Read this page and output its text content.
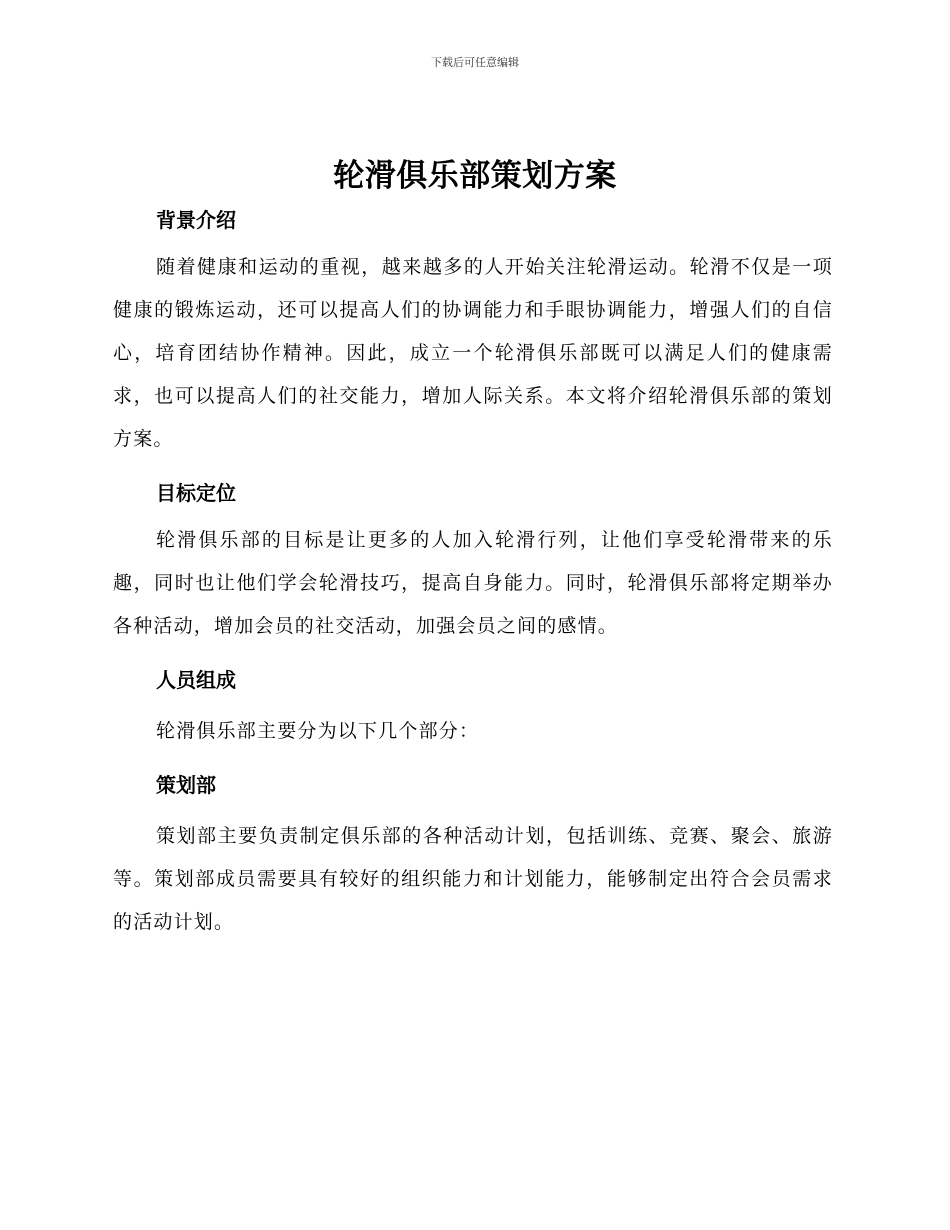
下载后可任意编辑
轮滑俱乐部策划方案
背景介绍

随着健康和运动的重视，越来越多的人开始关注轮滑运动。轮滑不仅是一项健康的锻炼运动，还可以提高人们的协调能力和手眼协调能力，增强人们的自信心，培育团结协作精神。因此，成立一个轮滑俱乐部既可以满足人们的健康需求，也可以提高人们的社交能力，增加人际关系。本文将介绍轮滑俱乐部的策划方案。

目标定位

轮滑俱乐部的目标是让更多的人加入轮滑行列，让他们享受轮滑带来的乐趣，同时也让他们学会轮滑技巧，提高自身能力。同时，轮滑俱乐部将定期举办各种活动，增加会员的社交活动，加强会员之间的感情。

人员组成

轮滑俱乐部主要分为以下几个部分：

策划部

策划部主要负责制定俱乐部的各种活动计划，包括训练、竞赛、聚会、旅游等。策划部成员需要具有较好的组织能力和计划能力，能够制定出符合会员需求的活动计划。
